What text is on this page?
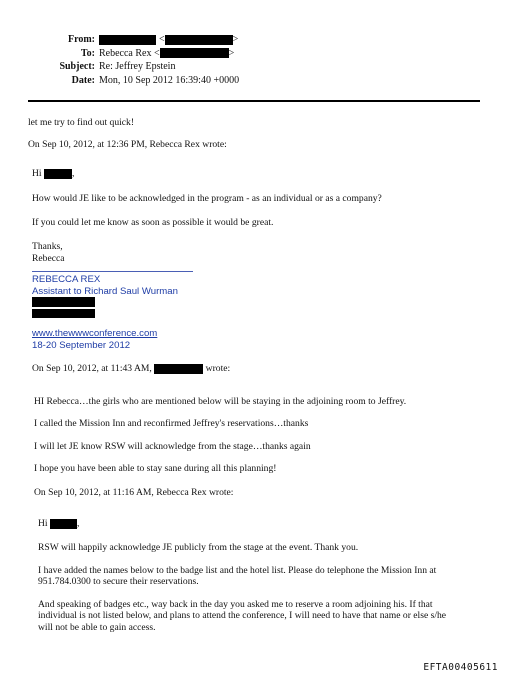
From:	<	>
To: Rebecca Rex <	>
Subject: Re: Jeffrey Epstein
Date: Mon, 10 Sep 2012 16:39:40 +0000
let me try to find out quick!
On Sep 10, 2012, at 12:36 PM, Rebecca Rex wrote:
Hi	,
How would JE like to be acknowledged in the program - as an individual or as a company?
If you could let me know as soon as possible it would be great.
Thanks,
Rebecca
REBECCA REX
Assistant to Richard Saul Wurman
www.thewwwconference.com
18-20 September 2012
On Sep 10, 2012, at 11:43 AM,	wrote:
HI Rebecca…the girls who are mentioned below will be staying in the adjoining room to Jeffrey.
I called the Mission Inn and reconfirmed Jeffrey's reservations…thanks
I will let JE know RSW will acknowledge from the stage…thanks again
I hope you have been able to stay sane during all this planning!
On Sep 10, 2012, at 11:16 AM, Rebecca Rex wrote:
Hi	,
RSW will happily acknowledge JE publicly from the stage at the event. Thank you.
I have added the names below to the badge list and the hotel list. Please do telephone the Mission Inn at
951.784.0300 to secure their reservations.
And speaking of badges etc., way back in the day you asked me to reserve a room adjoining his. If that
individual is not listed below, and plans to attend the conference, I will need to have that name or else s/he
will not be able to gain access.
EFTA00405611
